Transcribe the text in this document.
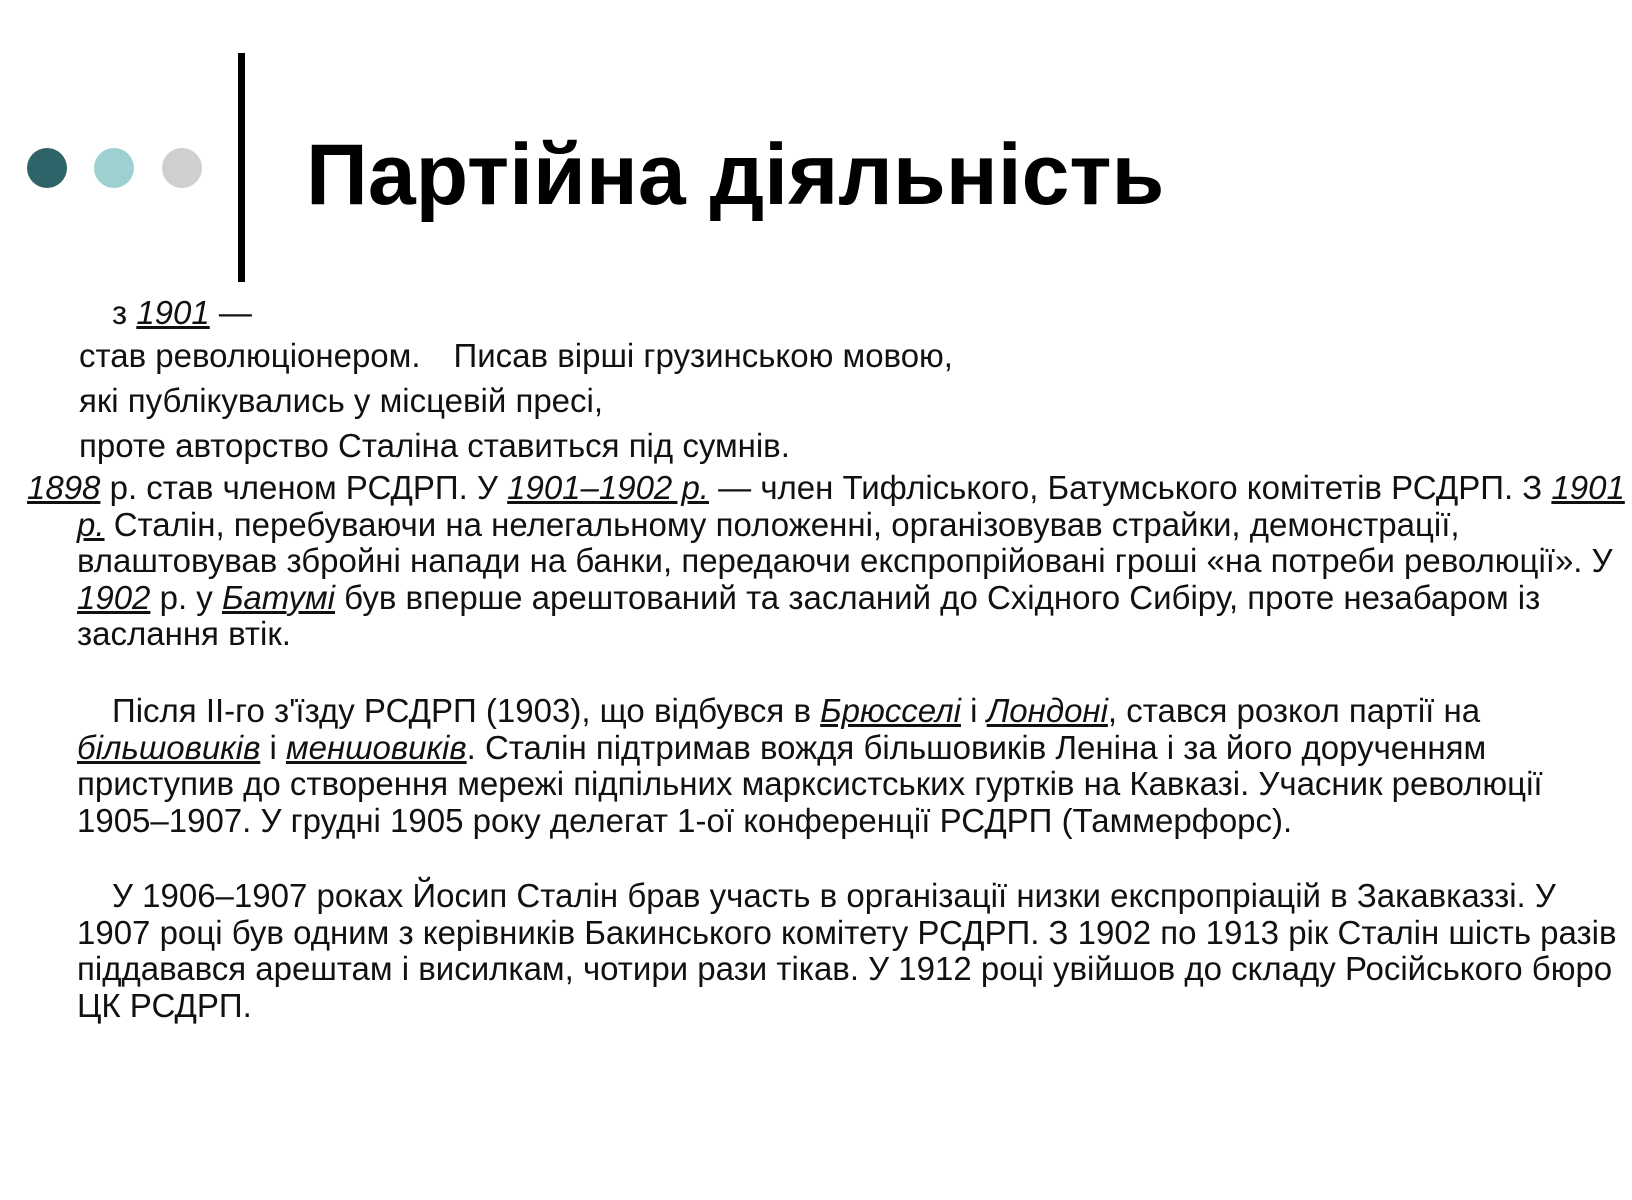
Партійна діяльність
з 1901 —
став революціонером. Писав вірші грузинською мовою,
які публікувались у місцевій пресі,
проте авторство Сталіна ставиться під сумнів.

1898 р. став членом РСДРП. У 1901–1902 р. — член Тифліського, Батумського комітетів РСДРП. З 1901 р. Сталін, перебуваючи на нелегальному положенні, організовував страйки, демонстрації, влаштовував збройні напади на банки, передаючи експропрійовані гроші «на потреби революції». У 1902 р. у Батумі був вперше арештований та засланий до Східного Сибіру, проте незабаром із заслання втік.

Після II-го з'їзду РСДРП (1903), що відбувся в Брюсселі і Лондоні, стався розкол партії на більшовиків і меншовиків. Сталін підтримав вождя більшовиків Леніна і за його дорученням приступив до створення мережі підпільних марксистських гуртків на Кавказі. Учасник революції 1905–1907. У грудні 1905 року делегат 1-ої конференції РСДРП (Таммерфорс).

У 1906–1907 роках Йосип Сталін брав участь в організації низки експропріацій в Закавказзі. У 1907 році був одним з керівників Бакинського комітету РСДРП. З 1902 по 1913 рік Сталін шість разів піддавався арештам і висилкам, чотири рази тікав. У 1912 році увійшов до складу Російського бюро ЦК РСДРП.
